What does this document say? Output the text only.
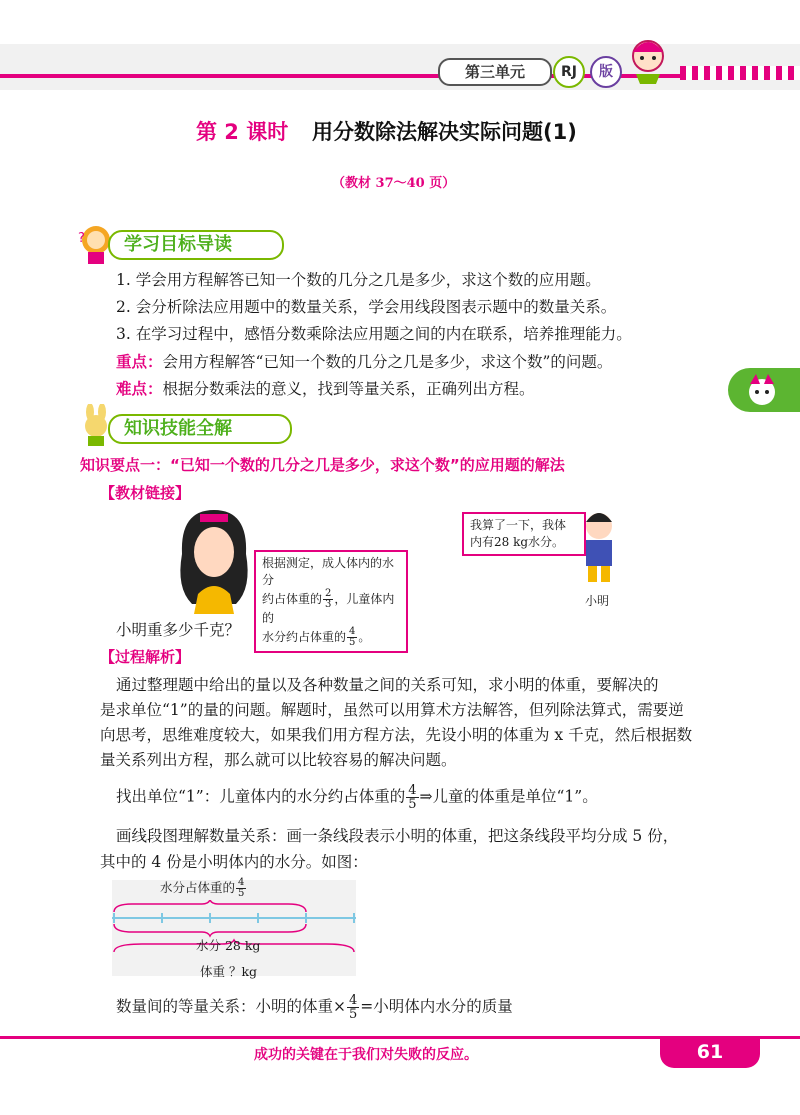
第三单元	RJ	版
第 2 课时 用分数除法解决实际问题(1)
（教材 37～40 页）
?	学习目标导读
1. 学会用方程解答已知一个数的几分之几是多少，求这个数的应用题。
2. 会分析除法应用题中的数量关系，学会用线段图表示题中的数量关系。
3. 在学习过程中，感悟分数乘除法应用题之间的内在联系，培养推理能力。
重点：会用方程解答“已知一个数的几分之几是多少，求这个数”的问题。
难点：根据分数乘法的意义，找到等量关系，正确列出方程。
知识技能全解
知识要点一：“已知一个数的几分之几是多少，求这个数”的应用题的解法
【教材链接】
根据测定，成人体内的水分
约占体重的 $\frac{2}{3}$ ，儿童体内的
水分约占体重的 $\frac{4}{5}$ 。
我算了一下，我体
内有28 kg水分。
小明
小明重多少千克？
【过程解析】
通过整理题中给出的量以及各种数量之间的关系可知，求小明的体重，要解决的
是求单位“1”的量的问题。解题时，虽然可以用算术方法解答，但列除法算式，需要逆
向思考，思维难度较大，如果我们用方程方法，先设小明的体重为 x 千克，然后根据数
量关系列出方程，那么就可以比较容易的解决问题。
找出单位“1”：儿童体内的水分约占体重的 $\frac{4}{5}$ ⇒儿童的体重是单位“1”。
画线段图理解数量关系：画一条线段表示小明的体重，把这条线段平均分成 5 份，
其中的 4 份是小明体内的水分。如图：
水分占体重的 $\frac{4}{5}$
水分 28 kg
体重 ？kg
数量间的等量关系：小明的体重× $\frac{4}{5}$ =小明体内水分的质量
成功的关键在于我们对失败的反应。	61
